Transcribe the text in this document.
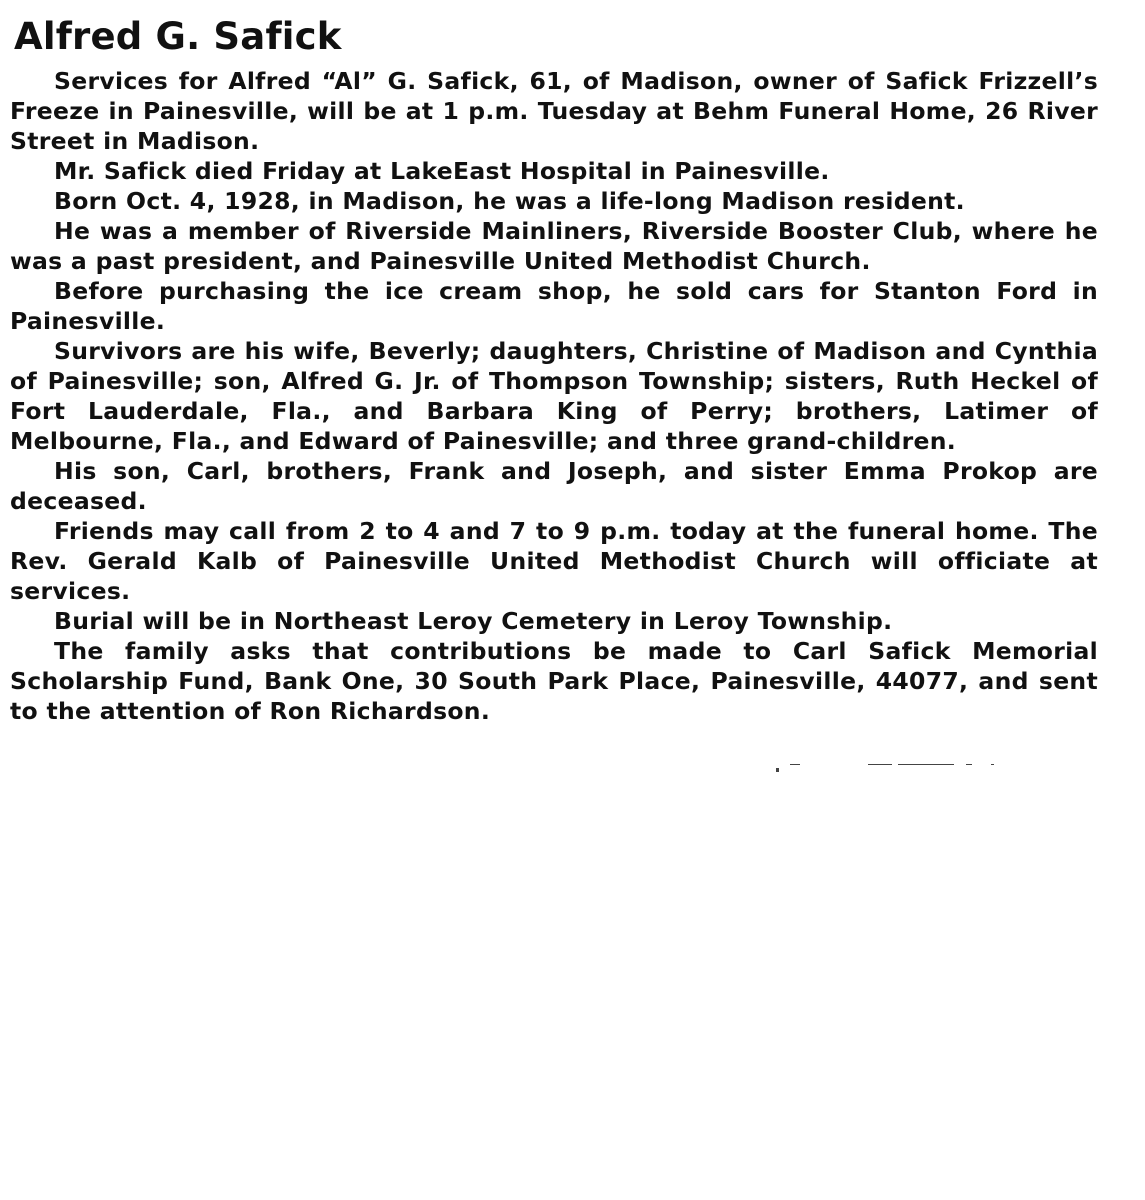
Alfred G. Safick

Services for Alfred “Al” G. Safick, 61, of Madison, owner of Safick Frizzell’s Freeze in Painesville, will be at 1 p.m. Tuesday at Behm Funeral Home, 26 River Street in Madison.

Mr. Safick died Friday at LakeEast Hospital in Painesville.

Born Oct. 4, 1928, in Madison, he was a life-long Madison resident.

He was a member of Riverside Mainliners, Riverside Booster Club, where he was a past president, and Painesville United Methodist Church.

Before purchasing the ice cream shop, he sold cars for Stanton Ford in Painesville.

Survivors are his wife, Beverly; daughters, Christine of Madison and Cynthia of Painesville; son, Alfred G. Jr. of Thompson Township; sisters, Ruth Heckel of Fort Lauderdale, Fla., and Barbara King of Perry; brothers, Latimer of Melbourne, Fla., and Edward of Painesville; and three grand-children.

His son, Carl, brothers, Frank and Joseph, and sister Emma Prokop are deceased.

Friends may call from 2 to 4 and 7 to 9 p.m. today at the funeral home. The Rev. Gerald Kalb of Painesville United Methodist Church will officiate at services.

Burial will be in Northeast Leroy Cemetery in Leroy Township.

The family asks that contributions be made to Carl Safick Memorial Scholarship Fund, Bank One, 30 South Park Place, Painesville, 44077, and sent to the attention of Ron Richardson.
